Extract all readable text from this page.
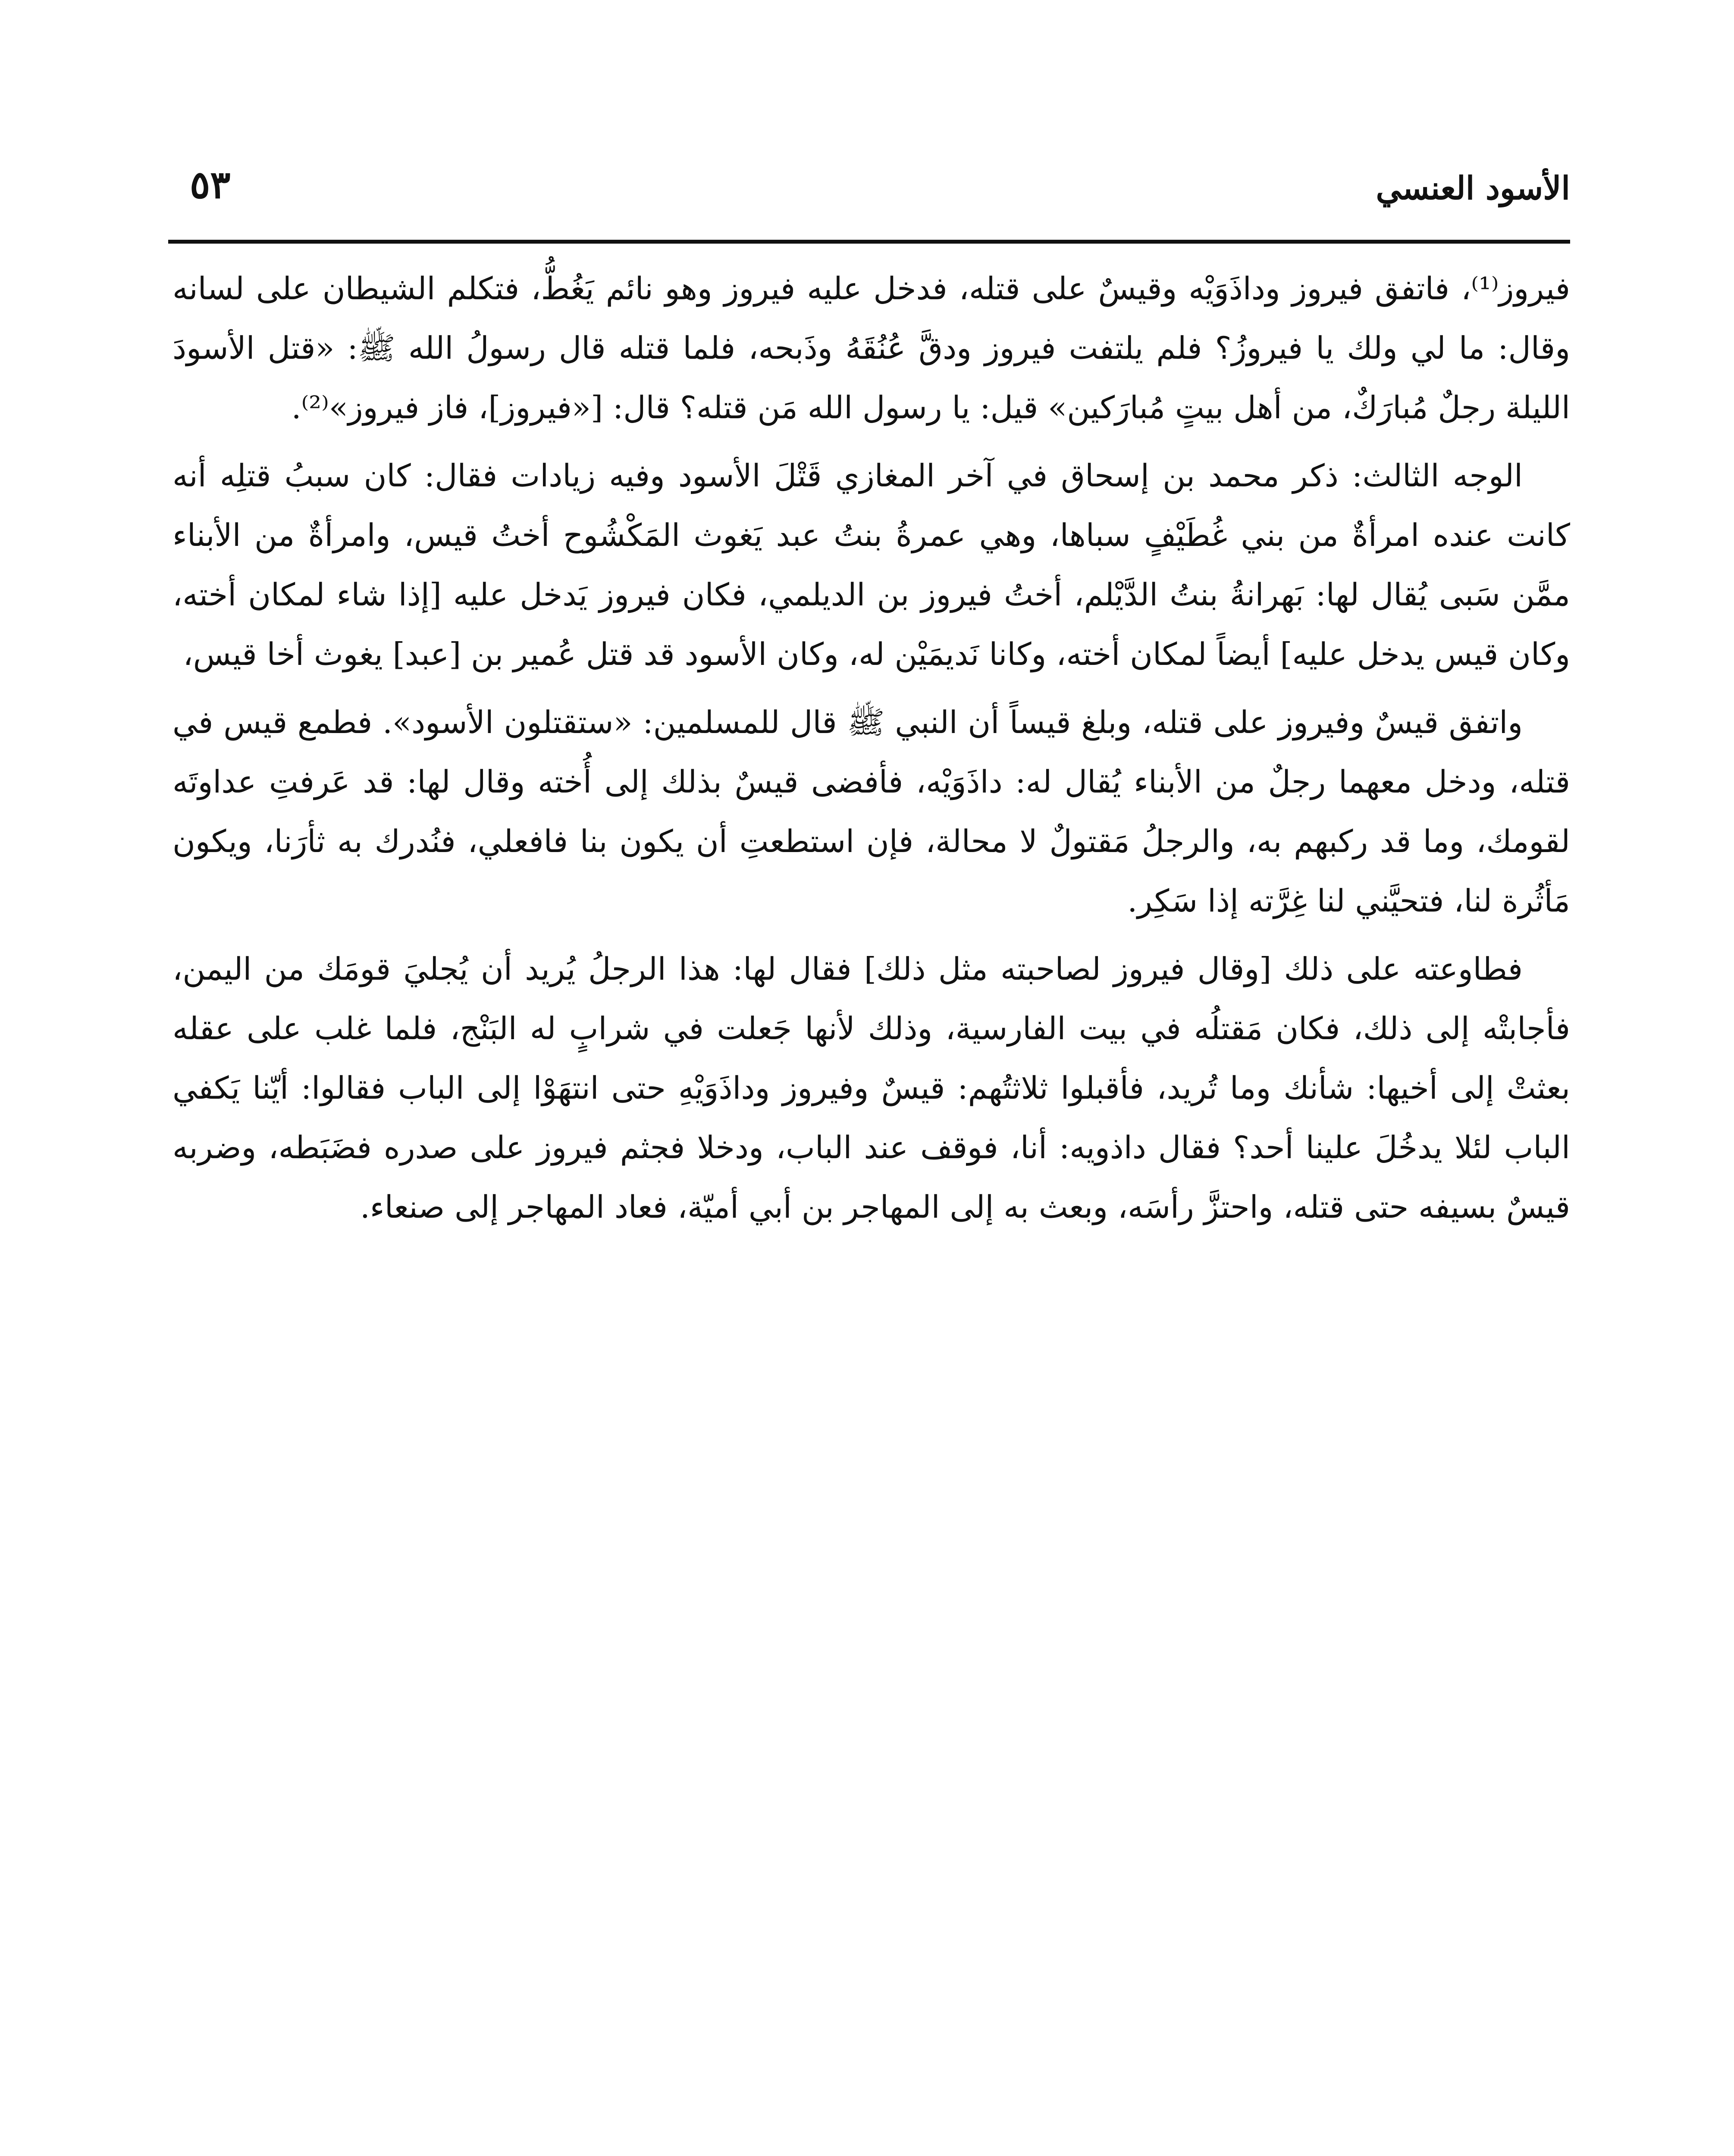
الأسود العنسي
٥٣

فيروز⁽¹⁾، فاتفق فيروز وداذَوَيْه وقيسٌ على قتله، فدخل عليه فيروز وهو نائم يَغُطُّ، فتكلم الشيطان على لسانه وقال: ما لي ولك يا فيروزُ؟ فلم يلتفت فيروز ودقَّ عُنُقَهُ وذَبحه، فلما قتله قال رسولُ الله ﷺ: «قتل الأسودَ الليلة رجلٌ مُبارَكٌ، من أهل بيتٍ مُبارَكين» قيل: يا رسول الله مَن قتله؟ قال: [«فيروز]، فاز فيروز»⁽²⁾.

الوجه الثالث: ذكر محمد بن إسحاق في آخر المغازي قَتْلَ الأسود وفيه زيادات فقال: كان سببُ قتلِه أنه كانت عنده امرأةٌ من بني غُطَيْفٍ سباها، وهي عمرةُ بنتُ عبد يَغوث المَكْشُوح أختُ قيس، وامرأةٌ من الأبناء ممَّن سَبى يُقال لها: بَهرانةُ بنتُ الدَّيْلم، أختُ فيروز بن الديلمي، فكان فيروز يَدخل عليه [إذا شاء لمكان أخته، وكان قيس يدخل عليه] أيضاً لمكان أخته، وكانا نَديمَيْن له، وكان الأسود قد قتل عُمير بن [عبد] يغوث أخا قيس،

واتفق قيسٌ وفيروز على قتله، وبلغ قيساً أن النبي ﷺ قال للمسلمين: «ستقتلون الأسود». فطمع قيس في قتله، ودخل معهما رجلٌ من الأبناء يُقال له: داذَوَيْه، فأفضى قيسٌ بذلك إلى أُخته وقال لها: قد عَرفتِ عداوتَه لقومك، وما قد ركبهم به، والرجلُ مَقتولٌ لا محالة، فإن استطعتِ أن يكون بنا فافعلي، فنُدرك به ثأرَنا، ويكون مَأثُرة لنا، فتحيَّني لنا غِرَّته إذا سَكِر.

فطاوعته على ذلك [وقال فيروز لصاحبته مثل ذلك] فقال لها: هذا الرجلُ يُريد أن يُجليَ قومَك من اليمن، فأجابتْه إلى ذلك، فكان مَقتلُه في بيت الفارسية، وذلك لأنها جَعلت في شرابٍ له البَنْج، فلما غلب على عقله بعثتْ إلى أخيها: شأنك وما تُريد، فأقبلوا ثلاثتُهم: قيسٌ وفيروز وداذَوَيْهِ حتى انتهَوْا إلى الباب فقالوا: أيّنا يَكفي الباب لئلا يدخُلَ علينا أحد؟ فقال داذويه: أنا، فوقف عند الباب، ودخلا فجثم فيروز على صدره فضَبَطه، وضربه قيسٌ بسيفه حتى قتله، واحتزَّ رأسَه، وبعث به إلى المهاجر بن أبي أميّة، فعاد المهاجر إلى صنعاء.
